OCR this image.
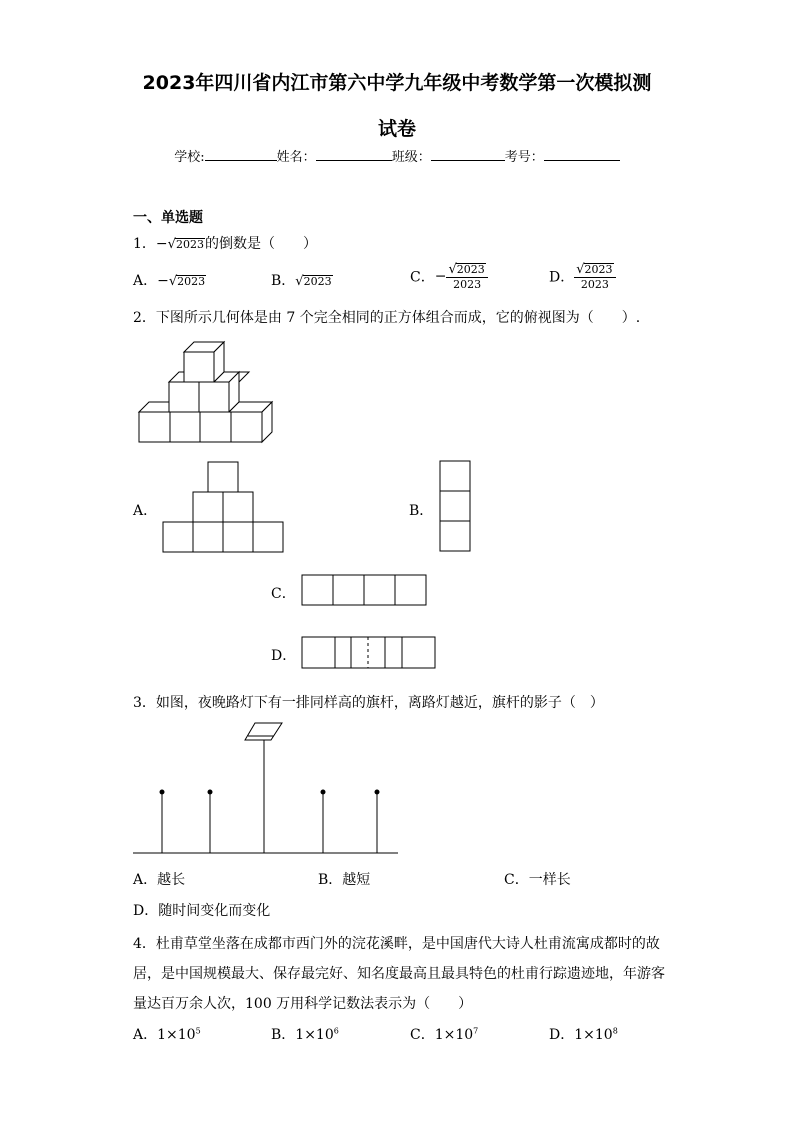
2023年四川省内江市第六中学九年级中考数学第一次模拟测
试卷
学校:	姓名：	班级：	考号：
一、单选题
1．−√2023的倒数是（　　）
A．−√2023	B．√2023	C．− $\frac{√2023}{2023}$	D． $\frac{√2023}{2023}$
2．下图所示几何体是由 7 个完全相同的正方体组合而成，它的俯视图为（　　）.
A．	B．
C．
D．
3．如图，夜晚路灯下有一排同样高的旗杆，离路灯越近，旗杆的影子（　）
A．越长	B．越短	C．一样长
D．随时间变化而变化
4．杜甫草堂坐落在成都市西门外的浣花溪畔，是中国唐代大诗人杜甫流寓成都时的故
居，是中国规模最大、保存最完好、知名度最高且最具特色的杜甫行踪遗迹地，年游客
量达百万余人次，100 万用科学记数法表示为（　　）
A．$1\times 10^5$	B．$1\times 10^6$	C．$1\times 10^7$	D．$1\times 10^8$
